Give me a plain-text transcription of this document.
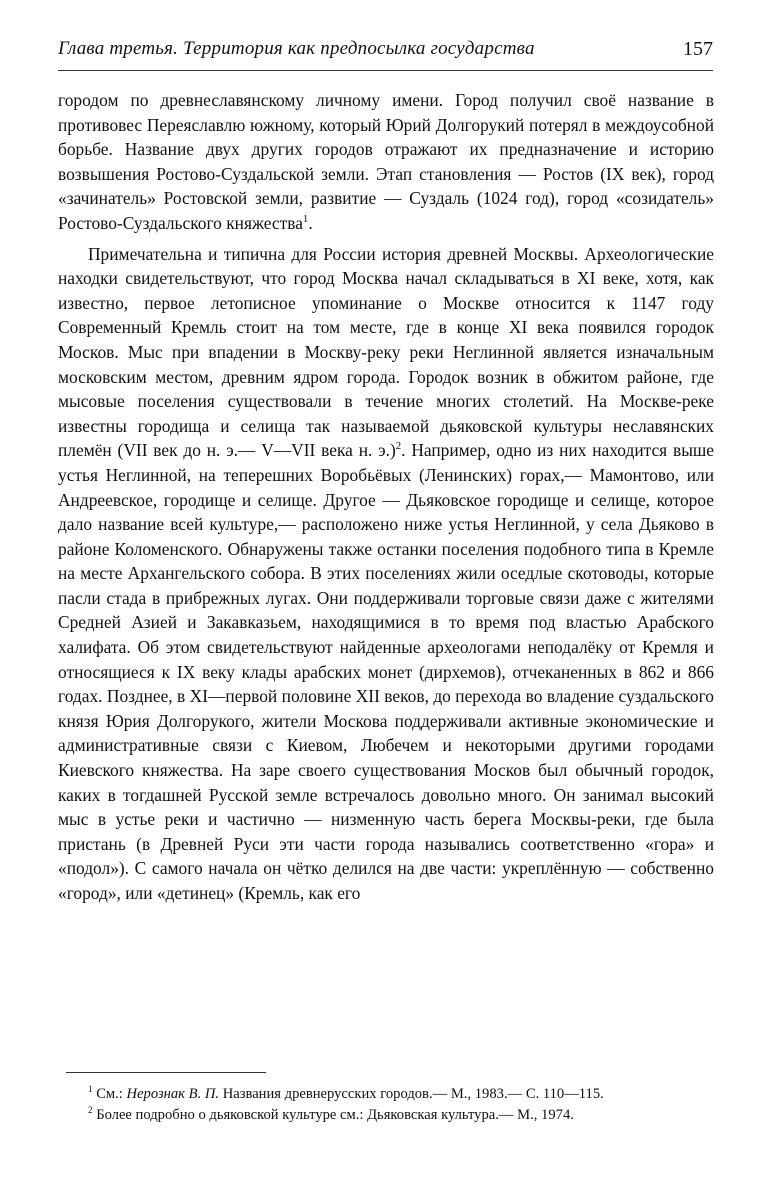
Глава третья. Территория как предпосылка государства	157

городом по древнеславянскому личному имени. Город получил своё название в противовес Переяславлю южному, который Юрий Долгорукий потерял в междоусобной борьбе. Название двух других городов отражают их предназначение и историю возвышения Ростово-Суздальской земли. Этап становления — Ростов (IX век), город «зачинатель» Ростовской земли, развитие — Суздаль (1024 год), город «созидатель» Ростово-Суздальского княжества$^1$.

Примечательна и типична для России история древней Москвы. Археологические находки свидетельствуют, что город Москва начал складываться в XI веке, хотя, как известно, первое летописное упоминание о Москве относится к 1147 году Современный Кремль стоит на том месте, где в конце XI века появился городок Москов. Мыс при впадении в Москву-реку реки Неглинной является изначальным московским местом, древним ядром города. Городок возник в обжитом районе, где мысовые поселения существовали в течение многих столетий. На Москве-реке известны городища и селища так называемой дьяковской культуры неславянских племён (VII век до н. э.— V—VII века н. э.)$^2$. Например, одно из них находится выше устья Неглинной, на теперешних Воробьёвых (Ленинских) горах,— Мамонтово, или Андреевское, городище и селище. Другое — Дьяковское городище и селище, которое дало название всей культуре,— расположено ниже устья Неглинной, у села Дьяково в районе Коломенского. Обнаружены также останки поселения подобного типа в Кремле на месте Архангельского собора. В этих поселениях жили оседлые скотоводы, которые пасли стада в прибрежных лугах. Они поддерживали торговые связи даже с жителями Средней Азией и Закавказьем, находящимися в то время под властью Арабского халифата. Об этом свидетельствуют найденные археологами неподалёку от Кремля и относящиеся к IX веку клады арабских монет (дирхемов), отчеканенных в 862 и 866 годах. Позднее, в XI—первой половине XII веков, до перехода во владение суздальского князя Юрия Долгорукого, жители Москова поддерживали активные экономические и административные связи с Киевом, Любечем и некоторыми другими городами Киевского княжества. На заре своего существования Москов был обычный городок, каких в тогдашней Русской земле встречалось довольно много. Он занимал высокий мыс в устье реки и частично — низменную часть берега Москвы-реки, где была пристань (в Древней Руси эти части города назывались соответственно «гора» и «подол»). С самого начала он чётко делился на две части: укреплённую — собственно «город», или «детинец» (Кремль, как его

$^1$ См.: Нерознак В. П. Названия древнерусских городов.— М., 1983.— С. 110—115.

$^2$ Более подробно о дьяковской культуре см.: Дьяковская культура.— М., 1974.
